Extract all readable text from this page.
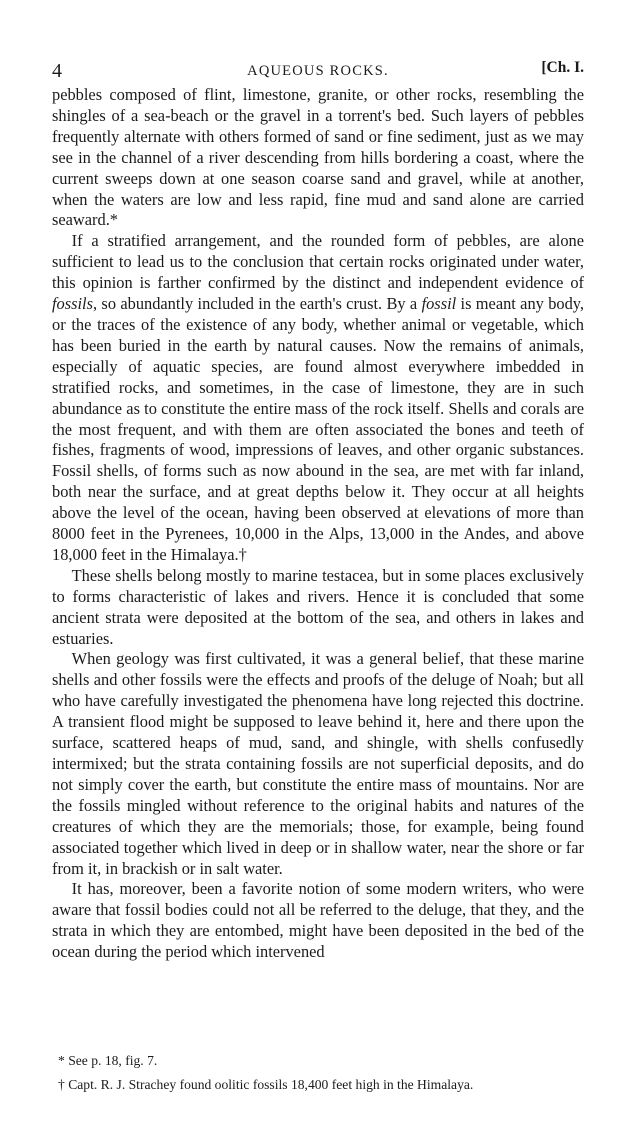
4	AQUEOUS ROCKS.	[Ch. I.

pebbles composed of flint, limestone, granite, or other rocks, resembling the shingles of a sea-beach or the gravel in a torrent's bed. Such layers of pebbles frequently alternate with others formed of sand or fine sediment, just as we may see in the channel of a river descending from hills bordering a coast, where the current sweeps down at one season coarse sand and gravel, while at another, when the waters are low and less rapid, fine mud and sand alone are carried seaward.*

If a stratified arrangement, and the rounded form of pebbles, are alone sufficient to lead us to the conclusion that certain rocks originated under water, this opinion is farther confirmed by the distinct and independent evidence of fossils, so abundantly included in the earth's crust. By a fossil is meant any body, or the traces of the existence of any body, whether animal or vegetable, which has been buried in the earth by natural causes. Now the remains of animals, especially of aquatic species, are found almost everywhere imbedded in stratified rocks, and sometimes, in the case of limestone, they are in such abundance as to constitute the entire mass of the rock itself. Shells and corals are the most frequent, and with them are often associated the bones and teeth of fishes, fragments of wood, impressions of leaves, and other organic substances. Fossil shells, of forms such as now abound in the sea, are met with far inland, both near the surface, and at great depths below it. They occur at all heights above the level of the ocean, having been observed at elevations of more than 8000 feet in the Pyrenees, 10,000 in the Alps, 13,000 in the Andes, and above 18,000 feet in the Himalaya.†

These shells belong mostly to marine testacea, but in some places exclusively to forms characteristic of lakes and rivers. Hence it is concluded that some ancient strata were deposited at the bottom of the sea, and others in lakes and estuaries.

When geology was first cultivated, it was a general belief, that these marine shells and other fossils were the effects and proofs of the deluge of Noah; but all who have carefully investigated the phenomena have long rejected this doctrine. A transient flood might be supposed to leave behind it, here and there upon the surface, scattered heaps of mud, sand, and shingle, with shells confusedly intermixed; but the strata containing fossils are not superficial deposits, and do not simply cover the earth, but constitute the entire mass of mountains. Nor are the fossils mingled without reference to the original habits and natures of the creatures of which they are the memorials; those, for example, being found associated together which lived in deep or in shallow water, near the shore or far from it, in brackish or in salt water.

It has, moreover, been a favorite notion of some modern writers, who were aware that fossil bodies could not all be referred to the deluge, that they, and the strata in which they are entombed, might have been deposited in the bed of the ocean during the period which intervened

* See p. 18, fig. 7.

† Capt. R. J. Strachey found oolitic fossils 18,400 feet high in the Himalaya.
